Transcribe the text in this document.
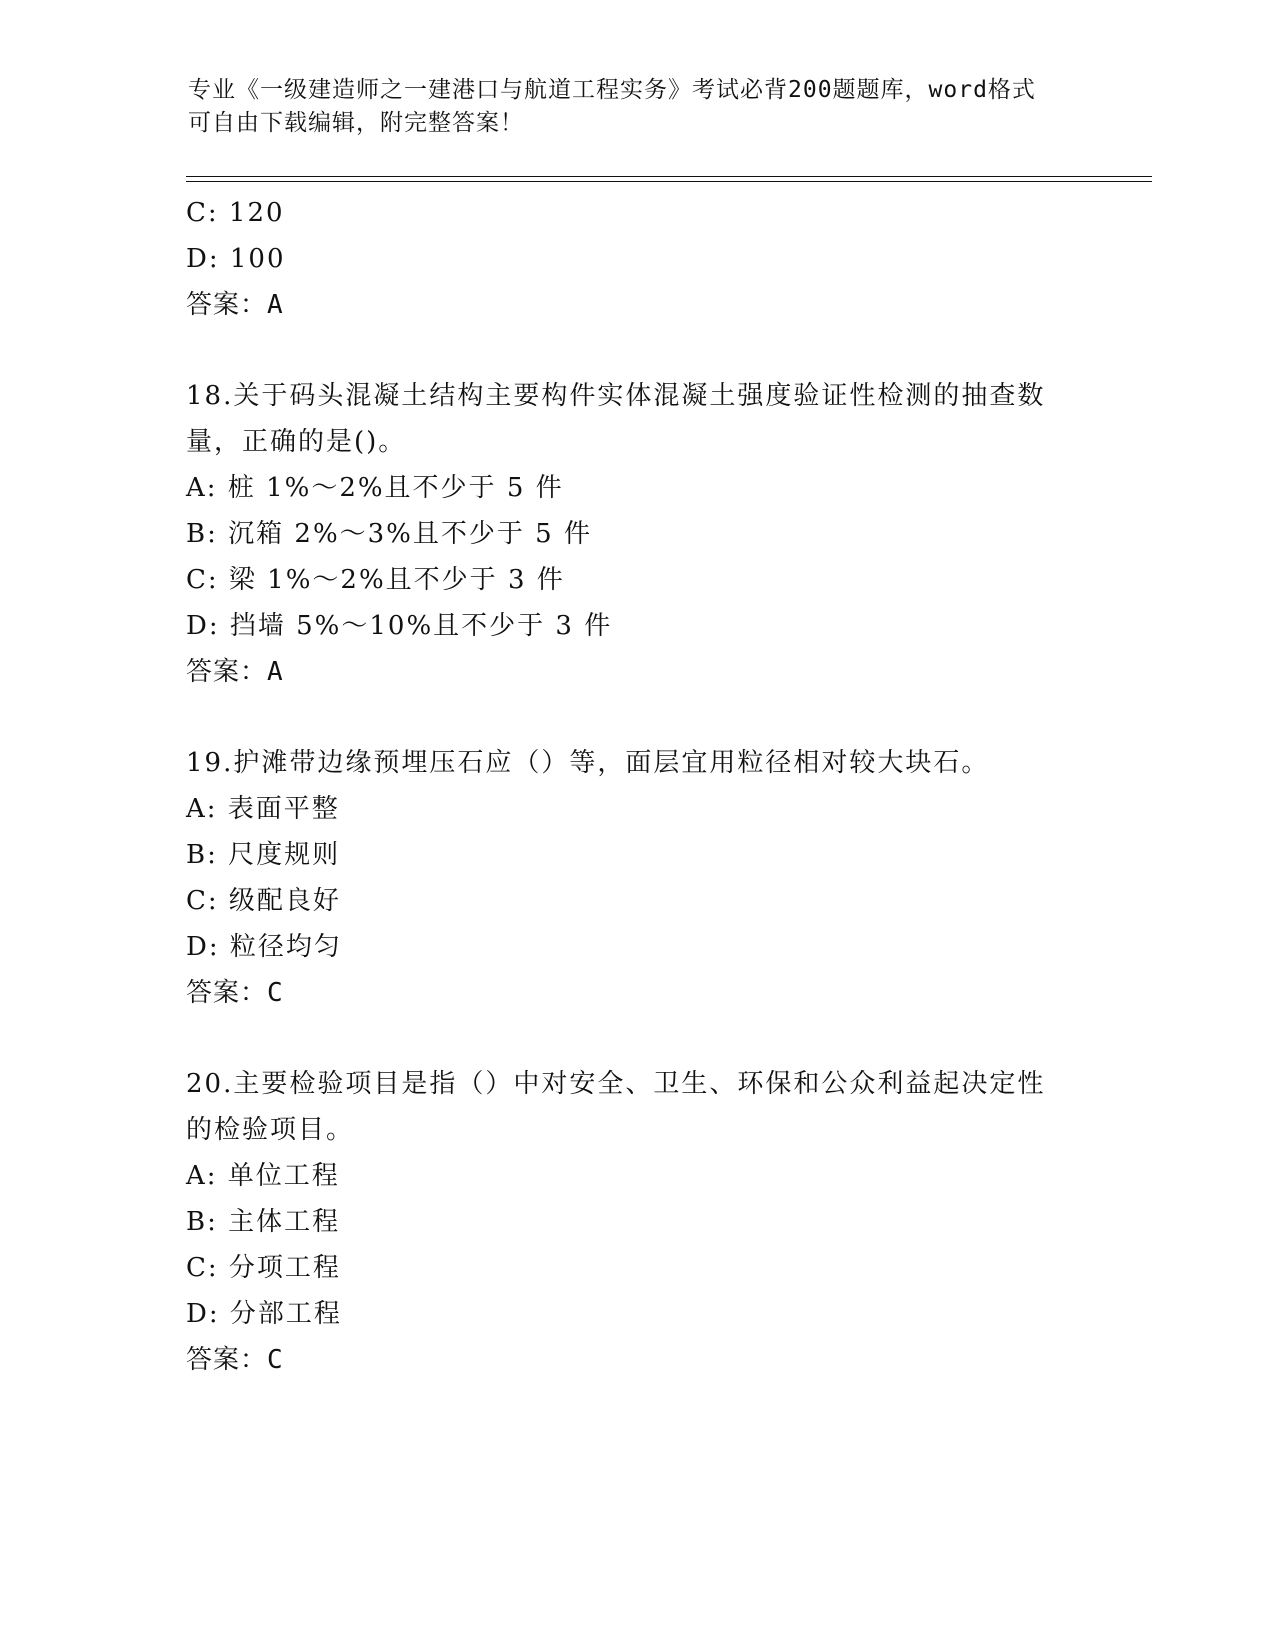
专业《一级建造师之一建港口与航道工程实务》考试必背200题题库，word格式
可自由下载编辑，附完整答案！
C: 120
D: 100
答案：A
18.关于码头混凝土结构主要构件实体混凝土强度验证性检测的抽查数
量，正确的是()。
A: 桩 1%～2%且不少于 5 件
B: 沉箱 2%～3%且不少于 5 件
C: 梁 1%～2%且不少于 3 件
D: 挡墙 5%～10%且不少于 3 件
答案：A
19.护滩带边缘预埋压石应（）等，面层宜用粒径相对较大块石。
A: 表面平整
B: 尺度规则
C: 级配良好
D: 粒径均匀
答案：C
20.主要检验项目是指（）中对安全、卫生、环保和公众利益起决定性
的检验项目。
A: 单位工程
B: 主体工程
C: 分项工程
D: 分部工程
答案：C
